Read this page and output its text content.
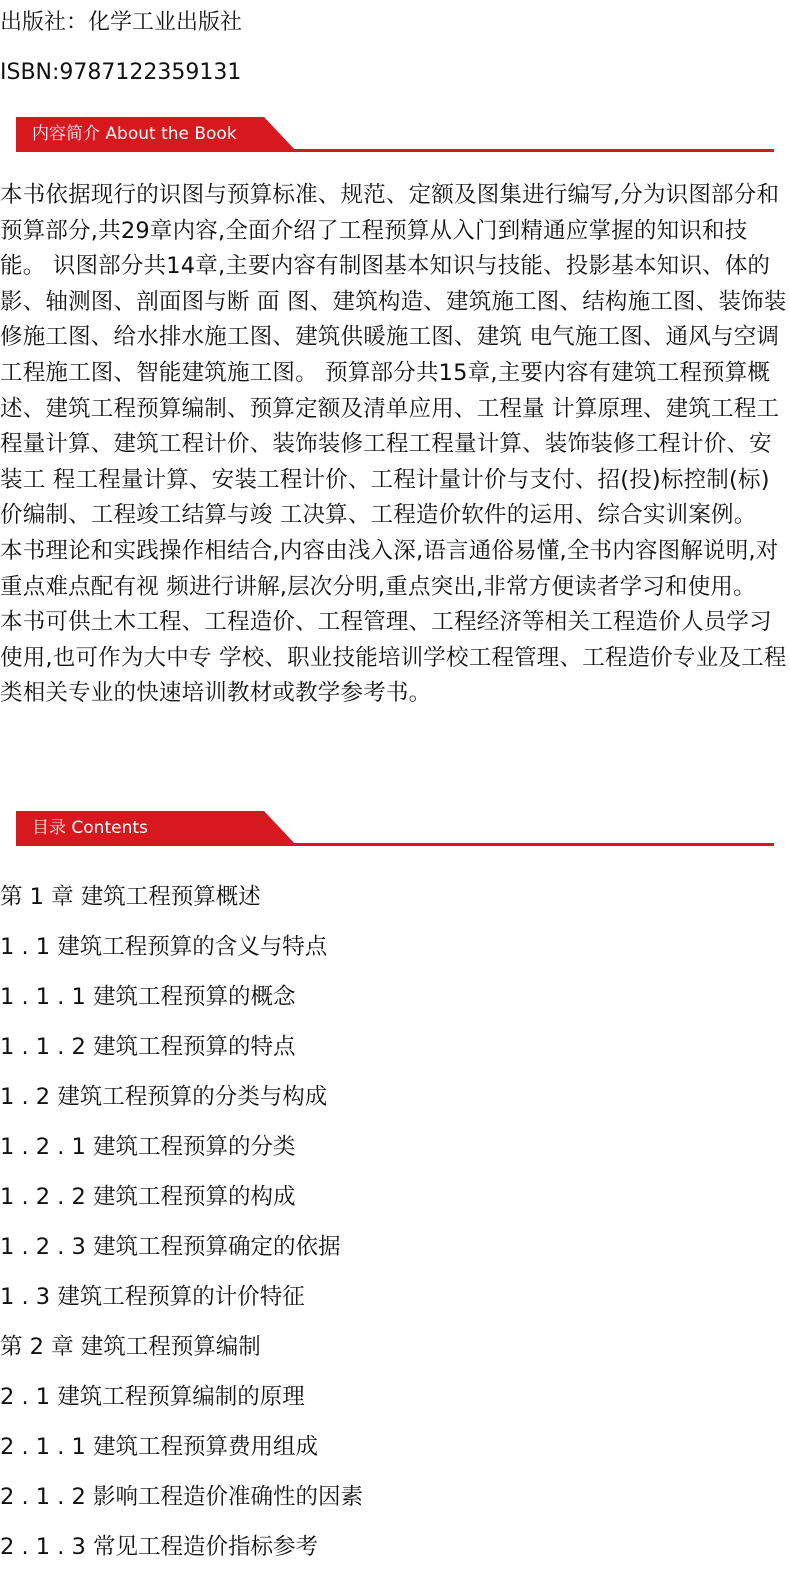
出版社：化学工业出版社
ISBN:9787122359131
内容简介 About the Book

本书依据现行的识图与预算标准、规范、定额及图集进行编写,分为识图部分和预算部分,共29章内容,全面介绍了工程预算从入门到精通应掌握的知识和技能。 识图部分共14章,主要内容有制图基本知识与技能、投影基本知识、体的影、轴测图、剖面图与断 面 图、建筑构造、建筑施工图、结构施工图、装饰装修施工图、给水排水施工图、建筑供暖施工图、建筑 电气施工图、通风与空调工程施工图、智能建筑施工图。 预算部分共15章,主要内容有建筑工程预算概述、建筑工程预算编制、预算定额及清单应用、工程量 计算原理、建筑工程工程量计算、建筑工程计价、装饰装修工程工程量计算、装饰装修工程计价、安装工 程工程量计算、安装工程计价、工程计量计价与支付、招(投)标控制(标)价编制、工程竣工结算与竣 工决算、工程造价软件的运用、综合实训案例。

本书理论和实践操作相结合,内容由浅入深,语言通俗易懂,全书内容图解说明,对重点难点配有视 频进行讲解,层次分明,重点突出,非常方便读者学习和使用。

本书可供土木工程、工程造价、工程管理、工程经济等相关工程造价人员学习使用,也可作为大中专 学校、职业技能培训学校工程管理、工程造价专业及工程类相关专业的快速培训教材或教学参考书。

目录 Contents
第 1 章 建筑工程预算概述
1 . 1 建筑工程预算的含义与特点
1 . 1 . 1 建筑工程预算的概念
1 . 1 . 2 建筑工程预算的特点
1 . 2 建筑工程预算的分类与构成
1 . 2 . 1 建筑工程预算的分类
1 . 2 . 2 建筑工程预算的构成
1 . 2 . 3 建筑工程预算确定的依据
1 . 3 建筑工程预算的计价特征
第 2 章 建筑工程预算编制
2 . 1 建筑工程预算编制的原理
2 . 1 . 1 建筑工程预算费用组成
2 . 1 . 2 影响工程造价准确性的因素
2 . 1 . 3 常见工程造价指标参考
